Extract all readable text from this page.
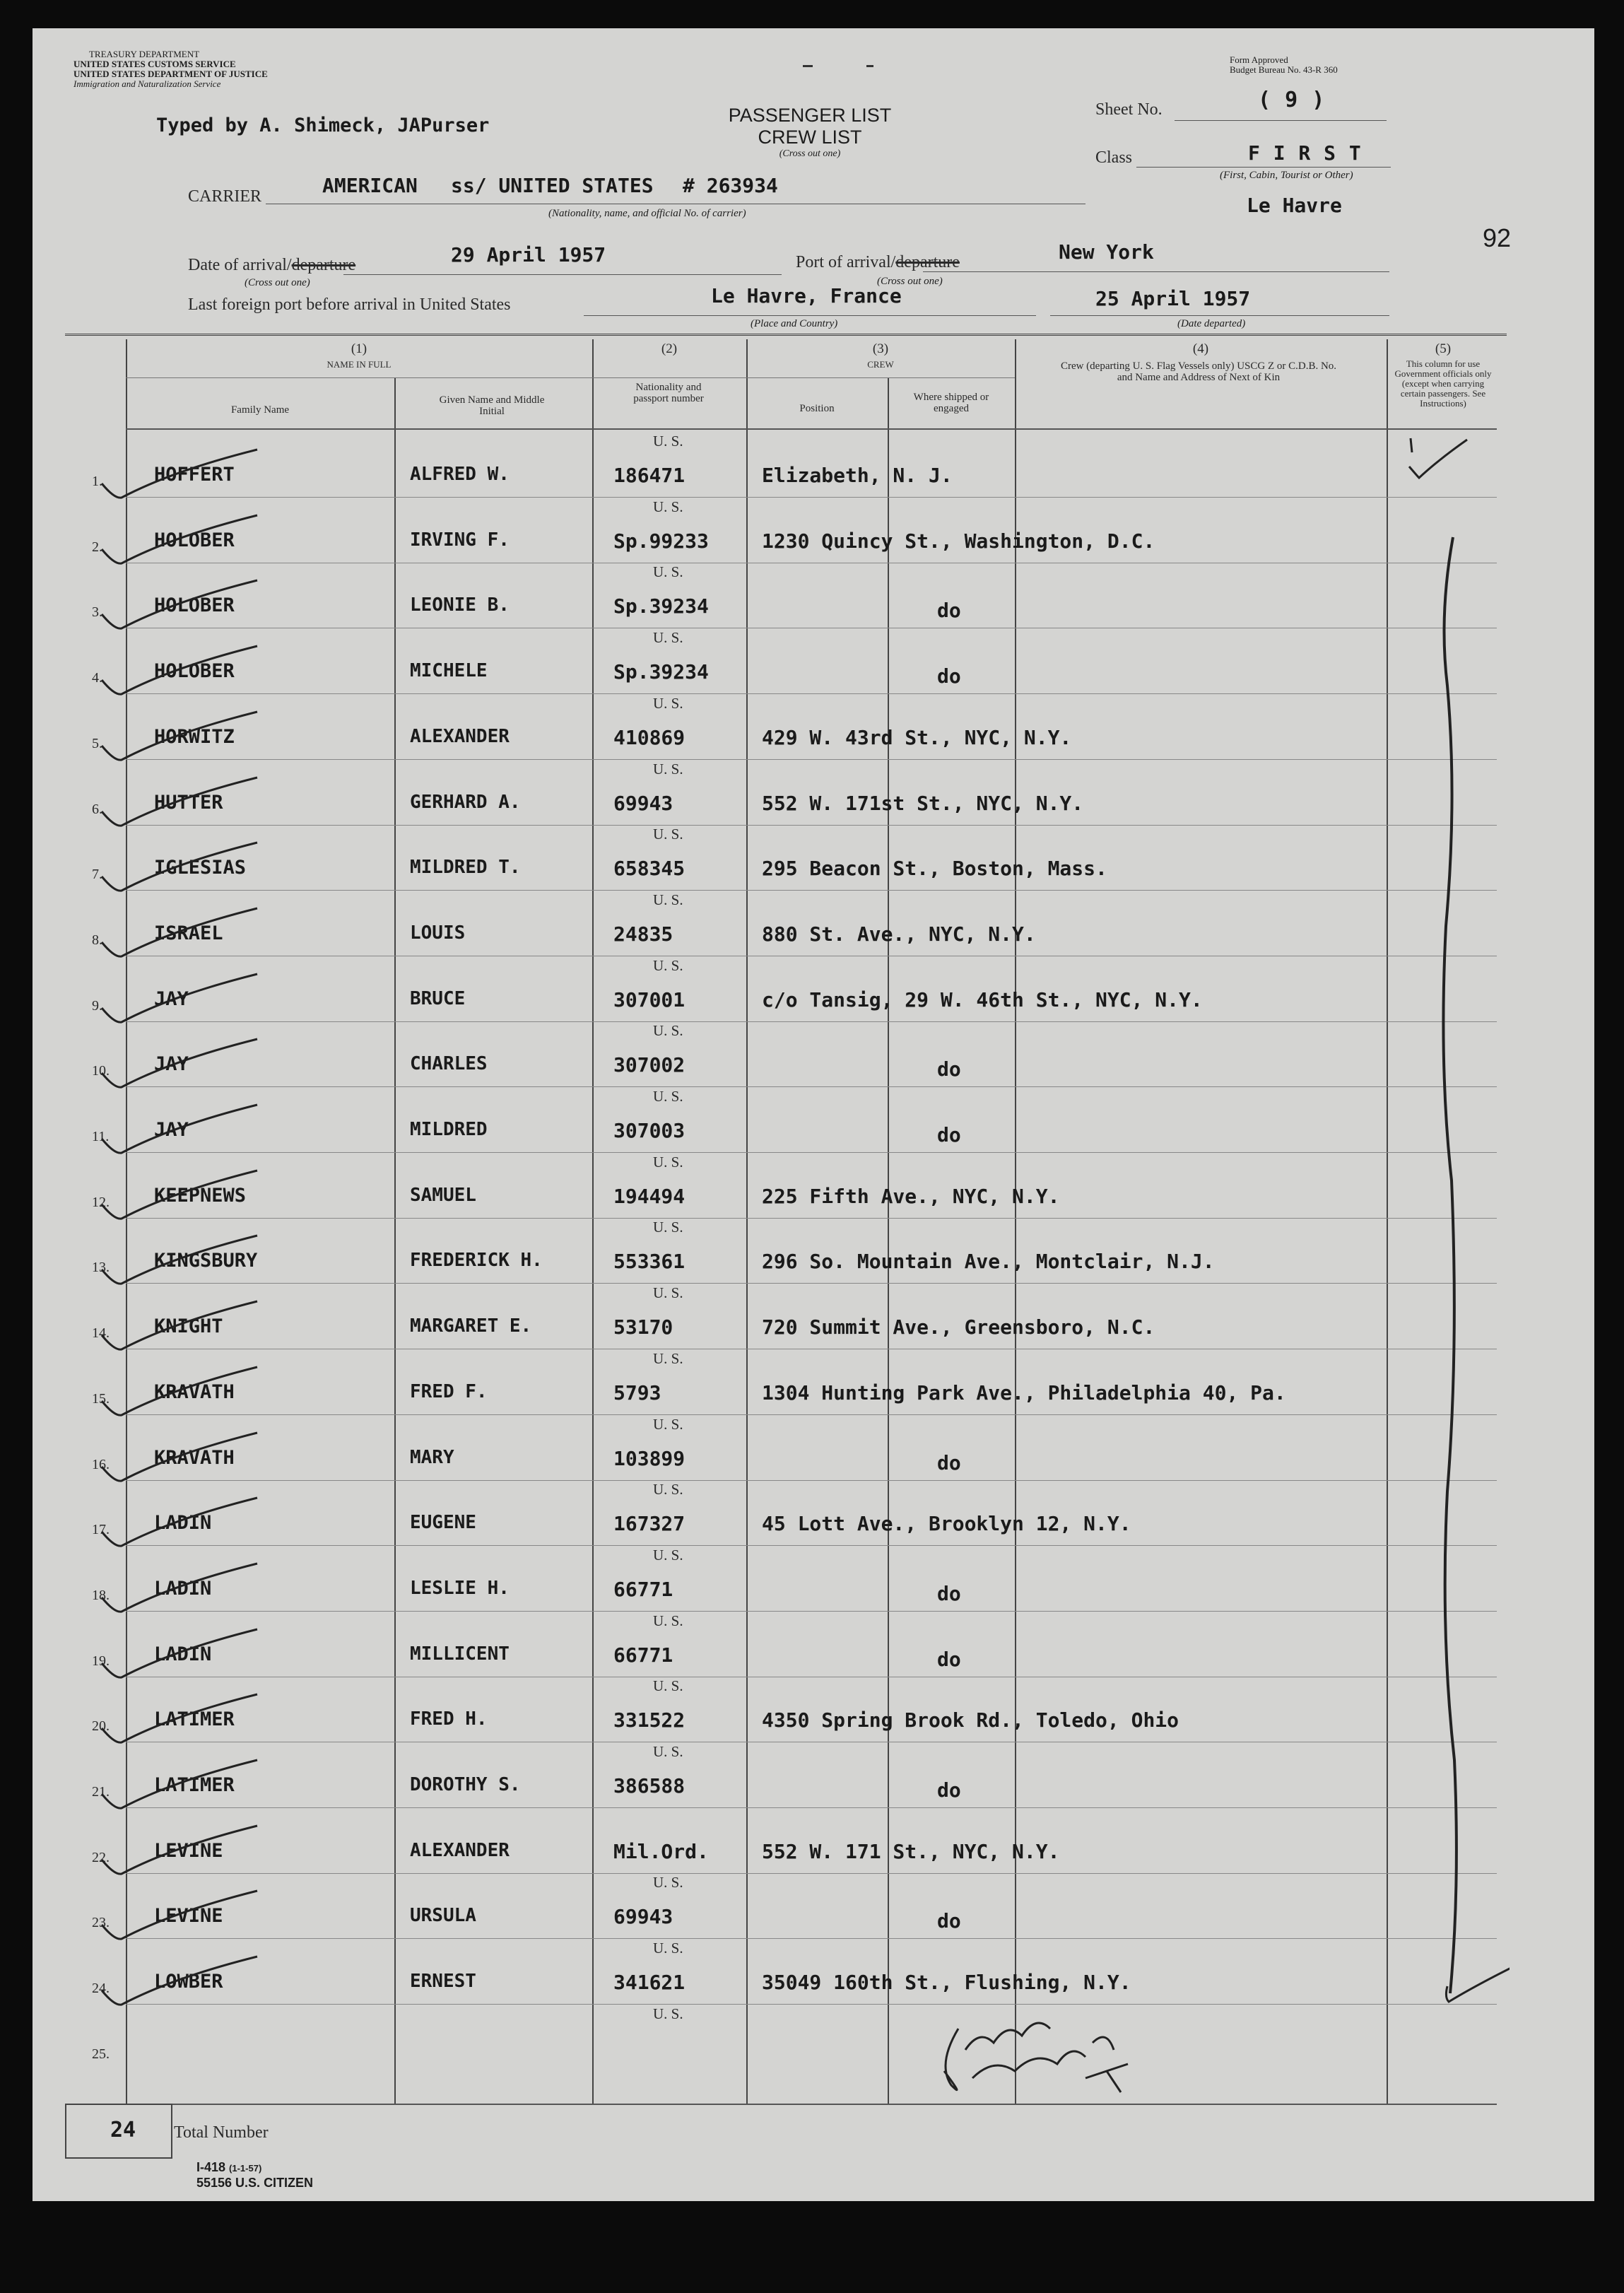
TREASURY DEPARTMENT
UNITED STATES CUSTOMS SERVICE
UNITED STATES DEPARTMENT OF JUSTICE
Immigration and Naturalization Service
Form Approved
Budget Bureau No. 43-R 360
Typed by A. Shimeck, JAPurser	PASSENGER LIST
CREW LIST
(Cross out one)
Sheet No.	( 9 )
Class	F I R S T
(First, Cabin, Tourist or Other)
Le Havre
92
CARRIER	AMERICAN ss/ UNITED STATES # 263934
(Nationality, name, and official No. of carrier)
Date of arrival/departure
(Cross out one)
29 April 1957	Port of arrival/departure
(Cross out one)
New York
Last foreign port before arrival in United States	Le Havre, France
(Place and Country)
25 April 1957
(Date departed)
(1)
NAME IN FULL
Family Name
Given Name and Middle Initial
(2)
Nationality and passport number
(3)
CREW
Position
Where shipped or engaged
(4)
Crew (departing U. S. Flag Vessels only) USCG Z or C.D.B. No. and Name and Address of Next of Kin
(5)
This column for use Government officials only (except when carrying certain passengers. See Instructions)
1.
U. S.
HOFFERT	ALFRED W.	186471	Elizabeth, N. J.
2.
U. S.
HOLOBER	IRVING F.	Sp.99233	1230 Quincy St., Washington, D.C.
3.
U. S.
HOLOBER	LEONIE B.	Sp.39234	do
4.
U. S.
HOLOBER	MICHELE	Sp.39234	do
5.
U. S.
HORWITZ	ALEXANDER	410869	429 W. 43rd St., NYC, N.Y.
6.
U. S.
HUTTER	GERHARD A.	69943	552 W. 171st St., NYC, N.Y.
7.
U. S.
IGLESIAS	MILDRED T.	658345	295 Beacon St., Boston, Mass.
8.
U. S.
ISRAEL	LOUIS	24835	880 St. Ave., NYC, N.Y.
9.
U. S.
JAY	BRUCE	307001	c/o Tansig, 29 W. 46th St., NYC, N.Y.
10.
U. S.
JAY	CHARLES	307002	do
11.
U. S.
JAY	MILDRED	307003	do
12.
U. S.
KEEPNEWS	SAMUEL	194494	225 Fifth Ave., NYC, N.Y.
13.
U. S.
KINGSBURY	FREDERICK H.	553361	296 So. Mountain Ave., Montclair, N.J.
14.
U. S.
KNIGHT	MARGARET E.	53170	720 Summit Ave., Greensboro, N.C.
15.
U. S.
KRAVATH	FRED F.	5793	1304 Hunting Park Ave., Philadelphia 40, Pa.
16.
U. S.
KRAVATH	MARY	103899	do
17.
U. S.
LADIN	EUGENE	167327	45 Lott Ave., Brooklyn 12, N.Y.
18.
U. S.
LADIN	LESLIE H.	66771	do
19.
U. S.
LADIN	MILLICENT	66771	do
20.
U. S.
LATIMER	FRED H.	331522	4350 Spring Brook Rd., Toledo, Ohio
21.
U. S.
LATIMER	DOROTHY S.	386588	do
22. LEVINE	ALEXANDER	Mil.Ord.	552 W. 171 St., NYC, N.Y.
23.
U. S.
LEVINE	URSULA	69943	do
24.
U. S.
LOWBER	ERNEST	341621	35049 160th St., Flushing, N.Y.
25.
U. S.
24 Total Number
I-418 (1-1-57)
55156 U.S. CITIZEN
